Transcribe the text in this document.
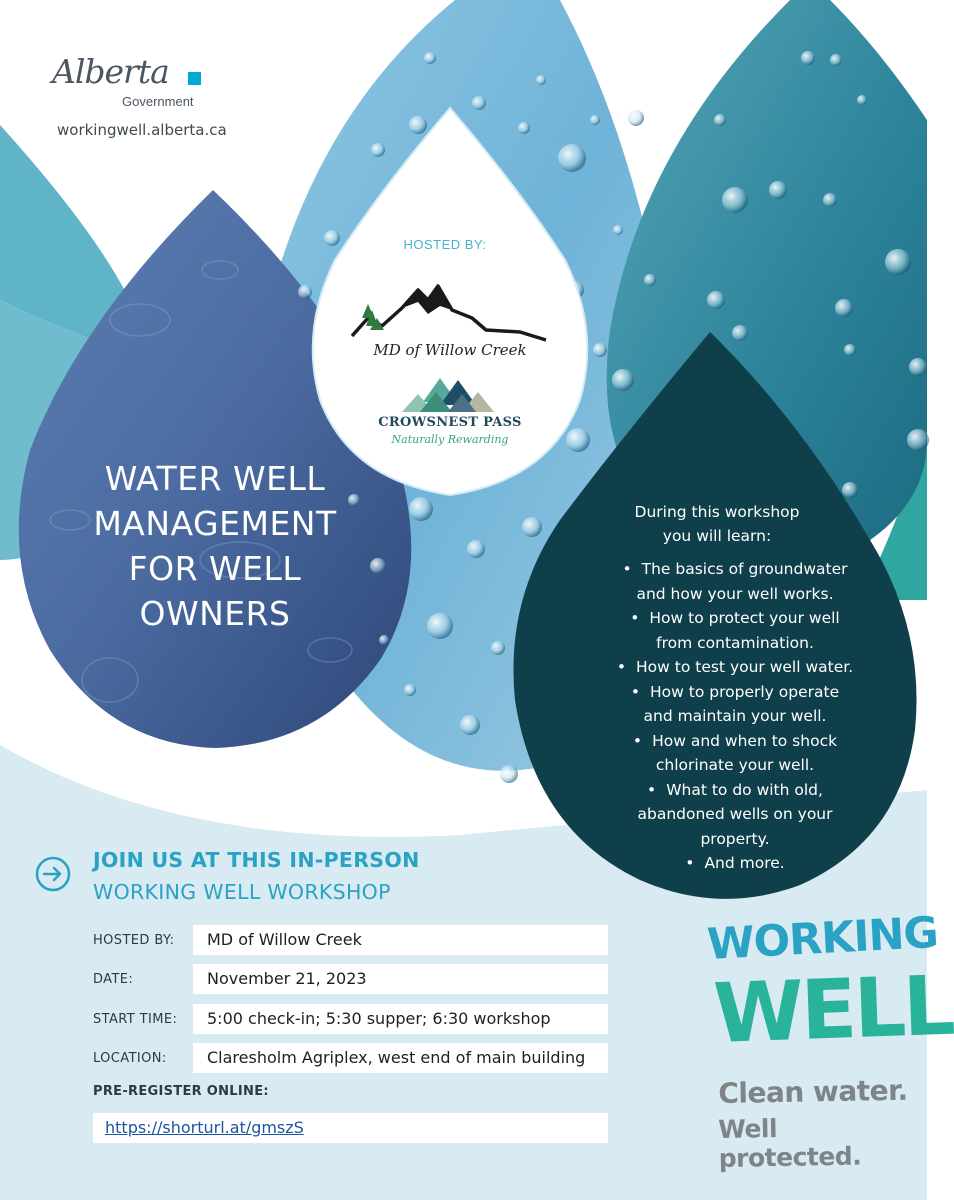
Alberta
Government
workingwell.alberta.ca
HOSTED BY:
MD of Willow Creek
CROWSNEST PASS
Naturally Rewarding
WATER WELL
MANAGEMENT
FOR WELL
OWNERS
During this workshop
you will learn:
• The basics of groundwater
and how your well works.
• How to protect your well
from contamination.
• How to test your well water.
• How to properly operate
and maintain your well.
• How and when to shock
chlorinate your well.
• What to do with old,
abandoned wells on your
property.
• And more.
JOIN US AT THIS IN-PERSON
WORKING WELL WORKSHOP
HOSTED BY:	MD of Willow Creek
DATE:	November 21, 2023
START TIME:	5:00 check-in; 5:30 supper; 6:30 workshop
LOCATION:	Claresholm Agriplex, west end of main building
PRE-REGISTER ONLINE:
https://shorturl.at/gmszS
WORKING
WELL
Clean water.
Well protected.
